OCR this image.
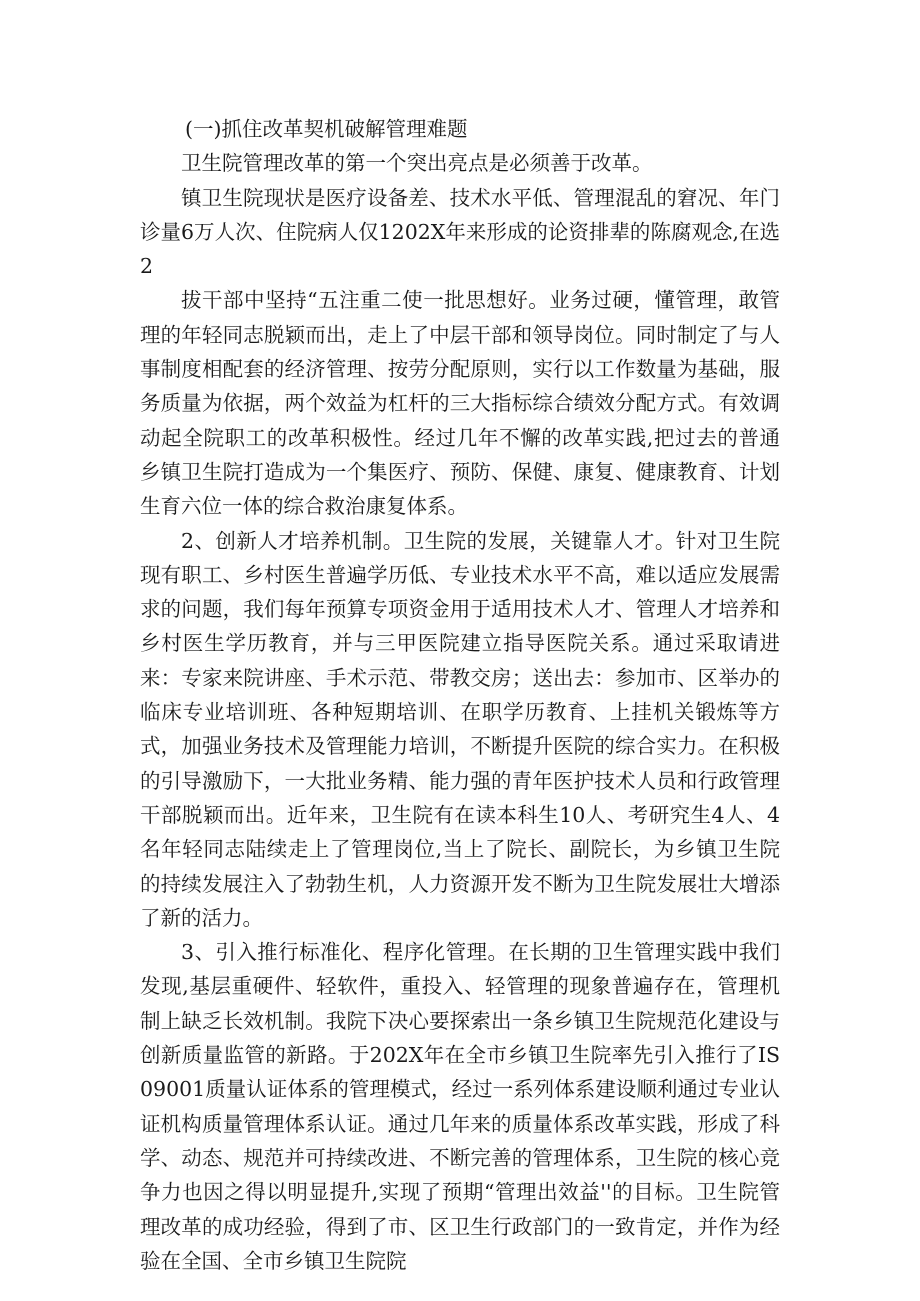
(一)抓住改革契机破解管理难题

卫生院管理改革的第一个突出亮点是必须善于改革。

镇卫生院现状是医疗设备差、技术水平低、管理混乱的窘况、年门诊量6万人次、住院病人仅1202X年来形成的论资排辈的陈腐观念,在选2

拔干部中坚持“五注重二使一批思想好。业务过硬，懂管理，敢管理的年轻同志脱颖而出，走上了中层干部和领导岗位。同时制定了与人事制度相配套的经济管理、按劳分配原则，实行以工作数量为基础，服务质量为依据，两个效益为杠杆的三大指标综合绩效分配方式。有效调动起全院职工的改革积极性。经过几年不懈的改革实践,把过去的普通乡镇卫生院打造成为一个集医疗、预防、保健、康复、健康教育、计划生育六位一体的综合救治康复体系。

2、创新人才培养机制。卫生院的发展，关键靠人才。针对卫生院现有职工、乡村医生普遍学历低、专业技术水平不高，难以适应发展需求的问题，我们每年预算专项资金用于适用技术人才、管理人才培养和乡村医生学历教育，并与三甲医院建立指导医院关系。通过采取请进来：专家来院讲座、手术示范、带教交房；送出去：参加市、区举办的临床专业培训班、各种短期培训、在职学历教育、上挂机关锻炼等方式，加强业务技术及管理能力培训，不断提升医院的综合实力。在积极的引导激励下，一大批业务精、能力强的青年医护技术人员和行政管理干部脱颖而出。近年来，卫生院有在读本科生10人、考研究生4人、4名年轻同志陆续走上了管理岗位,当上了院长、副院长，为乡镇卫生院的持续发展注入了勃勃生机，人力资源开发不断为卫生院发展壮大增添了新的活力。

3、引入推行标准化、程序化管理。在长期的卫生管理实践中我们发现,基层重硬件、轻软件，重投入、轻管理的现象普遍存在，管理机制上缺乏长效机制。我院下决心要探索出一条乡镇卫生院规范化建设与创新质量监管的新路。于202X年在全市乡镇卫生院率先引入推行了IS09001质量认证体系的管理模式，经过一系列体系建设顺利通过专业认证机构质量管理体系认证。通过几年来的质量体系改革实践，形成了科学、动态、规范并可持续改进、不断完善的管理体系，卫生院的核心竞争力也因之得以明显提升,实现了预期“管理出效益''的目标。卫生院管理改革的成功经验，得到了市、区卫生行政部门的一致肯定，并作为经验在全国、全市乡镇卫生院院
